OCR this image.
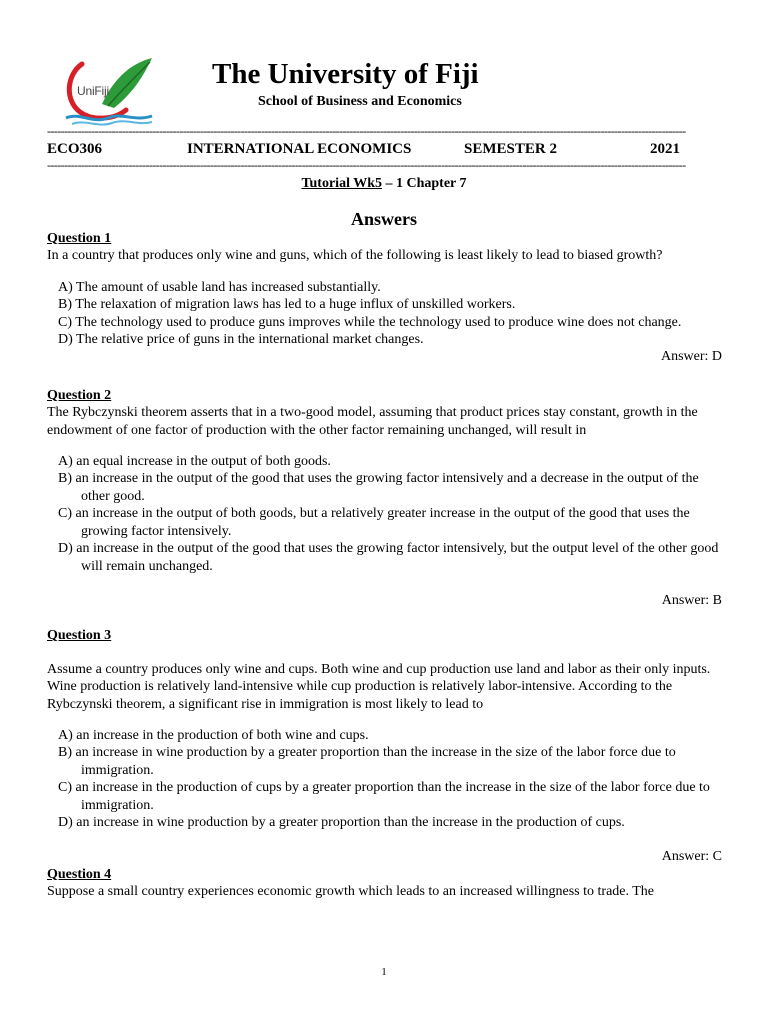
UniFiji
The University of Fiji
School of Business and Economics
--------------------------------------------------------------------------------------------------------------------------------------------------------------------------------------------
ECO306	INTERNATIONAL ECONOMICS	SEMESTER 2	2021
--------------------------------------------------------------------------------------------------------------------------------------------------------------------------------------------
Tutorial Wk5 – 1 Chapter 7
Answers
Question 1

In a country that produces only wine and guns, which of the following is least likely to lead to biased growth?

A) The amount of usable land has increased substantially.
B) The relaxation of migration laws has led to a huge influx of unskilled workers.
C) The technology used to produce guns improves while the technology used to produce wine does not change.
D) The relative price of guns in the international market changes.
Answer: D
Question 2

The Rybczynski theorem asserts that in a two-good model, assuming that product prices stay constant, growth in the endowment of one factor of production with the other factor remaining unchanged, will result in

A) an equal increase in the output of both goods.
B) an increase in the output of the good that uses the growing factor intensively and a decrease in the output of the other good.
C) an increase in the output of both goods, but a relatively greater increase in the output of the good that uses the growing factor intensively.
D) an increase in the output of the good that uses the growing factor intensively, but the output level of the other good will remain unchanged.
Answer: B
Question 3

Assume a country produces only wine and cups. Both wine and cup production use land and labor as their only inputs. Wine production is relatively land-intensive while cup production is relatively labor-intensive. According to the Rybczynski theorem, a significant rise in immigration is most likely to lead to

A) an increase in the production of both wine and cups.
B) an increase in wine production by a greater proportion than the increase in the size of the labor force due to immigration.
C) an increase in the production of cups by a greater proportion than the increase in the size of the labor force due to immigration.
D) an increase in wine production by a greater proportion than the increase in the production of cups.
Answer: C
Question 4

Suppose a small country experiences economic growth which leads to an increased willingness to trade. The

1
